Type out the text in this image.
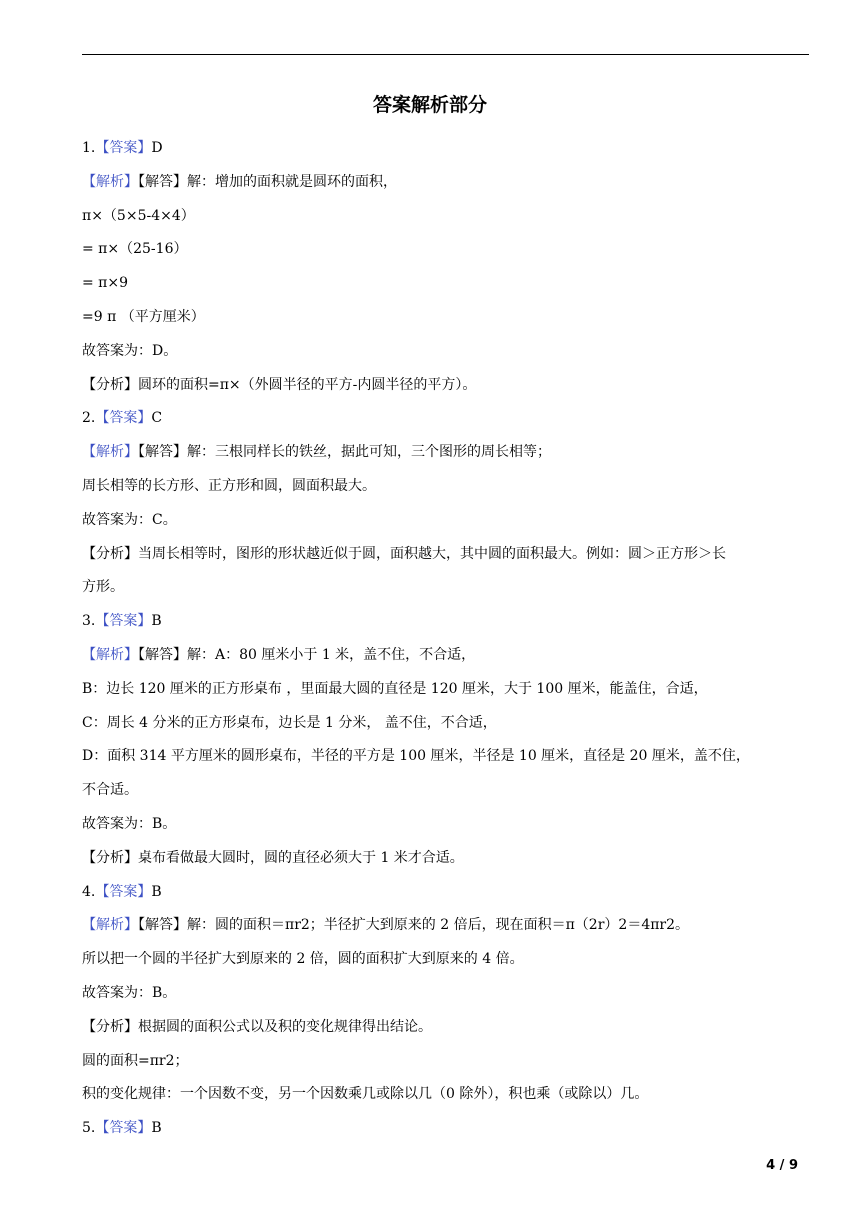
答案解析部分
1.【答案】D
【解析】【解答】解：增加的面积就是圆环的面积，
π×（5×5-4×4）
= π×（25-16）
= π×9
=9 π （平方厘米）
故答案为：D。
【分析】圆环的面积=π×（外圆半径的平方-内圆半径的平方）。
2.【答案】C
【解析】【解答】解：三根同样长的铁丝，据此可知，三个图形的周长相等；
周长相等的长方形、正方形和圆，圆面积最大。
故答案为：C。
【分析】当周长相等时，图形的形状越近似于圆，面积越大，其中圆的面积最大。例如：圆＞正方形＞长
方形。
3.【答案】B
【解析】【解答】解：A：80 厘米小于 1 米，盖不住，不合适，
B：边长 120 厘米的正方形桌布 ，里面最大圆的直径是 120 厘米，大于 100 厘米，能盖住，合适，
C：周长 4 分米的正方形桌布，边长是 1 分米， 盖不住，不合适，
D：面积 314 平方厘米的圆形桌布，半径的平方是 100 厘米，半径是 10 厘米，直径是 20 厘米，盖不住，
不合适。
故答案为：B。
【分析】桌布看做最大圆时，圆的直径必须大于 1 米才合适。
4.【答案】B
【解析】【解答】解：圆的面积＝πr2；半径扩大到原来的 2 倍后，现在面积＝π（2r）2＝4πr2。
所以把一个圆的半径扩大到原来的 2 倍，圆的面积扩大到原来的 4 倍。
故答案为：B。
【分析】根据圆的面积公式以及积的变化规律得出结论。
圆的面积=πr2；
积的变化规律：一个因数不变，另一个因数乘几或除以几（0 除外），积也乘（或除以）几。
5.【答案】B
4 / 9
